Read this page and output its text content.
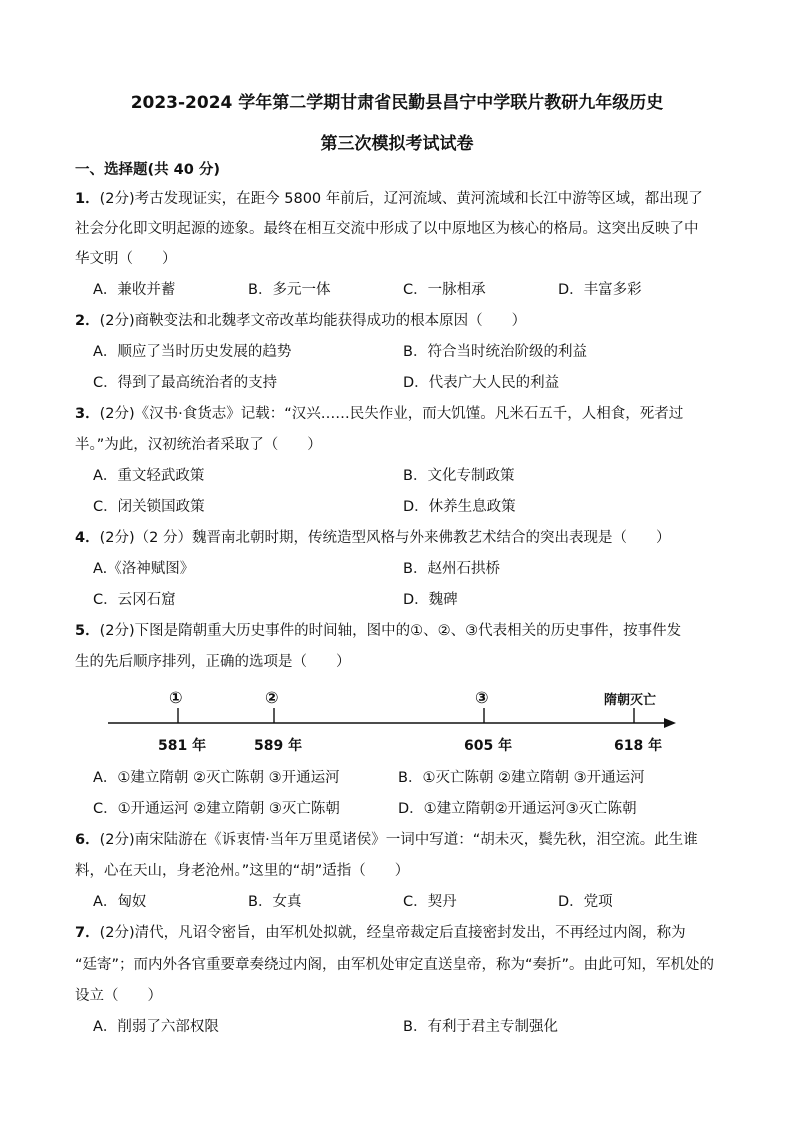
2023-2024 学年第二学期甘肃省民勤县昌宁中学联片教研九年级历史
第三次模拟考试试卷
一、选择题(共 40 分)
1．(2分)考古发现证实，在距今 5800 年前后，辽河流域、黄河流域和长江中游等区域，都出现了
社会分化即文明起源的迹象。最终在相互交流中形成了以中原地区为核心的格局。这突出反映了中
华文明（　　）
A．兼收并蓄	B．多元一体	C．一脉相承	D．丰富多彩
2．(2分)商鞅变法和北魏孝文帝改革均能获得成功的根本原因（　　）
A．顺应了当时历史发展的趋势	B．符合当时统治阶级的利益
C．得到了最高统治者的支持	D．代表广大人民的利益
3．(2分)《汉书·食货志》记载：“汉兴……民失作业，而大饥馑。凡米石五千，人相食，死者过
半。”为此，汉初统治者采取了（　　）
A．重文轻武政策	B．文化专制政策
C．闭关锁国政策	D．休养生息政策
4．(2分)（2 分）魏晋南北朝时期，传统造型风格与外来佛教艺术结合的突出表现是（　　）
A.《洛神赋图》	B．赵州石拱桥
C．云冈石窟	D．魏碑
5．(2分)下图是隋朝重大历史事件的时间轴，图中的①、②、③代表相关的历史事件，按事件发
生的先后顺序排列，正确的选项是（　　）
①	②	③	隋朝灭亡
581 年	589 年	605 年	618 年
A．①建立隋朝 ②灭亡陈朝 ③开通运河	B．①灭亡陈朝 ②建立隋朝 ③开通运河
C．①开通运河 ②建立隋朝 ③灭亡陈朝	D．①建立隋朝②开通运河③灭亡陈朝
6．(2分)南宋陆游在《诉衷情·当年万里觅诸侯》一词中写道：“胡未灭，鬓先秋，泪空流。此生谁
料，心在天山，身老沧州。”这里的“胡”适指（　　）
A．匈奴	B．女真	C．契丹	D．党项
7．(2分)清代，凡诏令密旨，由军机处拟就，经皇帝裁定后直接密封发出，不再经过内阁，称为
“廷寄”；而内外各官重要章奏绕过内阁，由军机处审定直送皇帝，称为“奏折”。由此可知，军机处的
设立（　　）
A．削弱了六部权限	B．有利于君主专制强化
